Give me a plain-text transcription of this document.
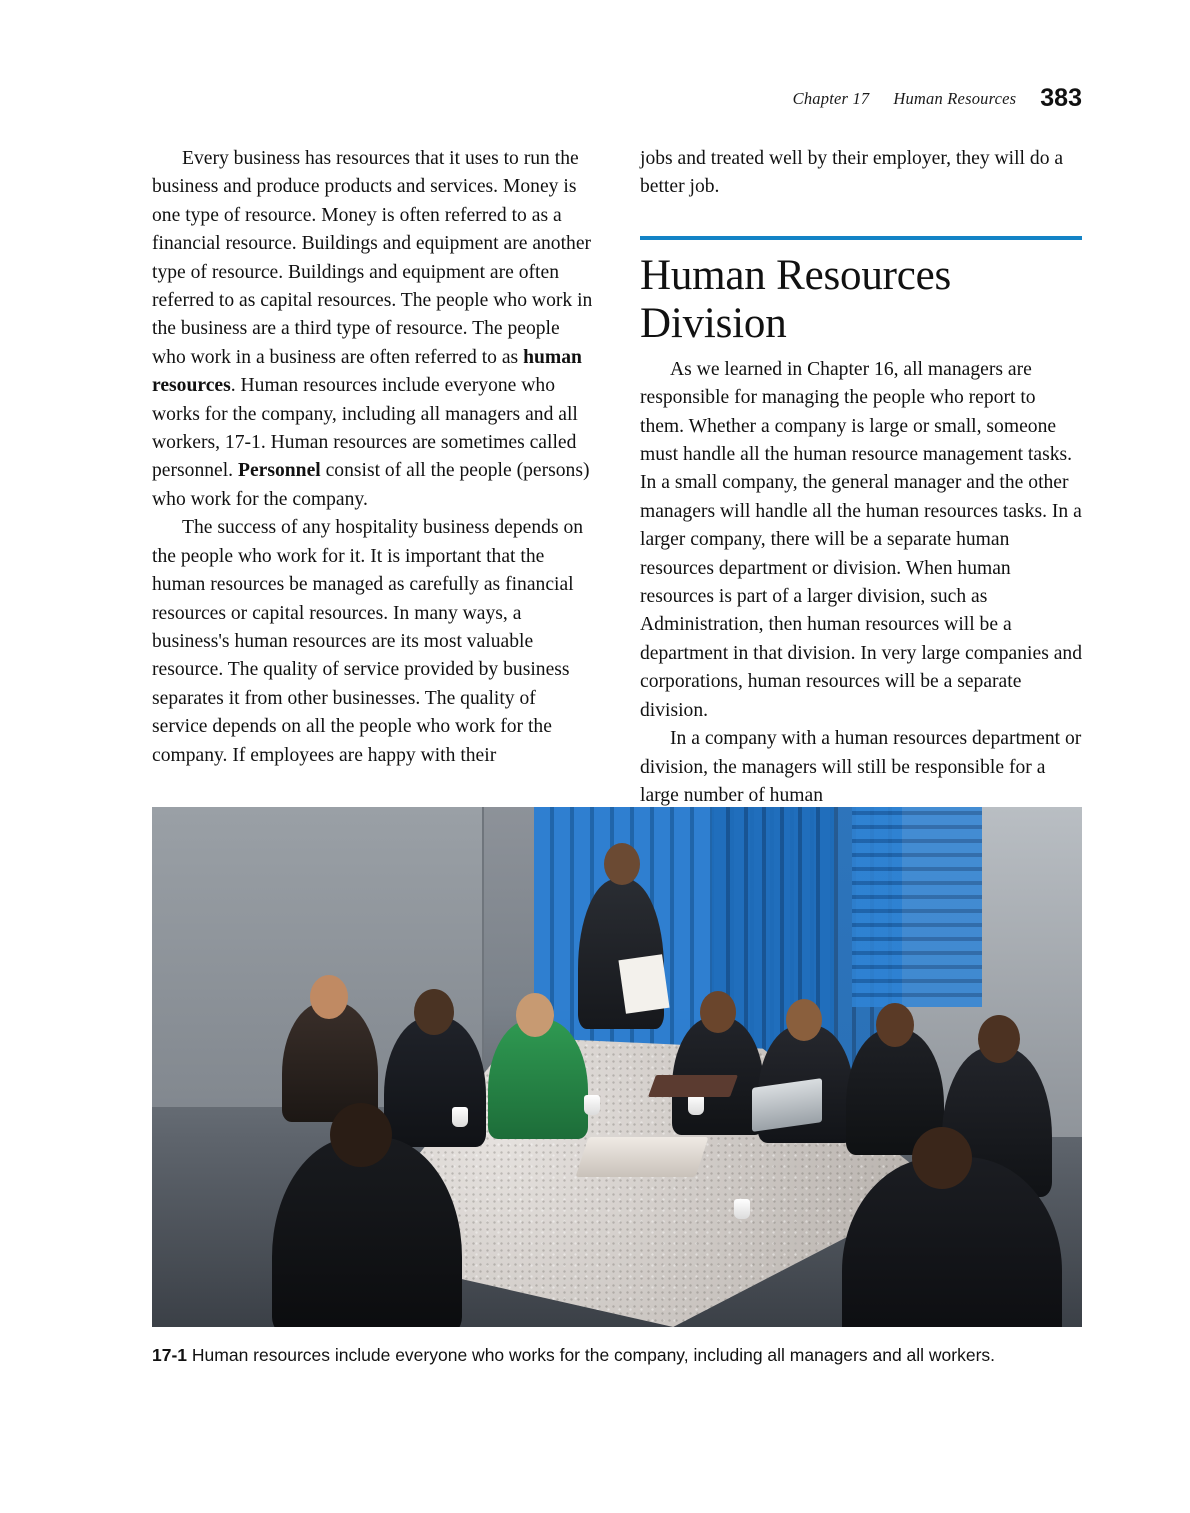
Chapter 17 Human Resources 383

Every business has resources that it uses to run the business and produce products and services. Money is one type of resource. Money is often referred to as a financial resource. Buildings and equipment are another type of resource. Buildings and equipment are often referred to as capital resources. The people who work in the business are a third type of resource. The people who work in a business are often referred to as human resources. Human resources include everyone who works for the company, including all managers and all workers, 17-1. Human resources are sometimes called personnel. Personnel consist of all the people (persons) who work for the company.

The success of any hospitality business depends on the people who work for it. It is important that the human resources be managed as carefully as financial resources or capital resources. In many ways, a business's human resources are its most valuable resource. The quality of service provided by business separates it from other businesses. The quality of service depends on all the people who work for the company. If employees are happy with their

jobs and treated well by their employer, they will do a better job.

Human Resources Division

As we learned in Chapter 16, all managers are responsible for managing the people who report to them. Whether a company is large or small, someone must handle all the human resource management tasks. In a small company, the general manager and the other managers will handle all the human resources tasks. In a larger company, there will be a separate human resources department or division. When human resources is part of a larger division, such as Administration, then human resources will be a department in that division. In very large companies and corporations, human resources will be a separate division.

In a company with a human resources department or division, the managers will still be responsible for a large number of human

17-1 Human resources include everyone who works for the company, including all managers and all workers.
